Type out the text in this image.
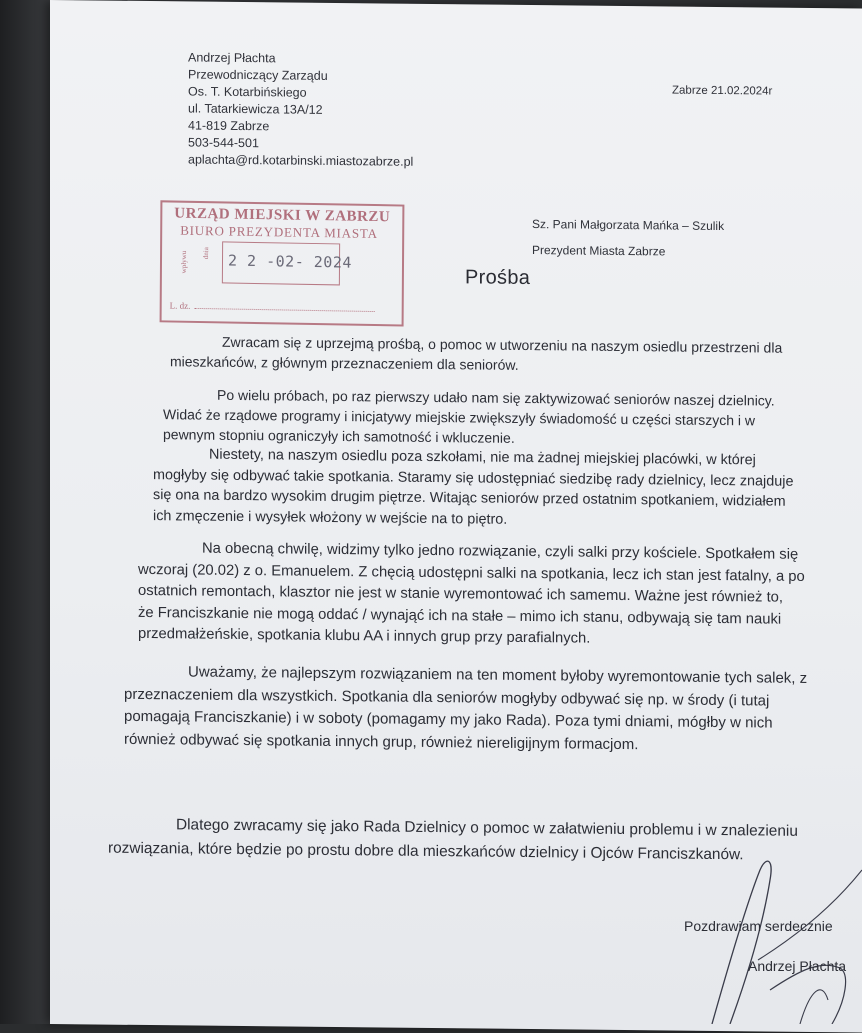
Andrzej Płachta
Przewodniczący Zarządu
Os. T. Kotarbińskiego
ul. Tatarkiewicza 13A/12
41-819 Zabrze
503-544-501
aplachta@rd.kotarbinski.miastozabrze.pl
Zabrze 21.02.2024r
URZĄD MIEJSKI W ZABRZU
BIURO PREZYDENTA MIASTA
wpływu dnia 2 2 -02- 2024
L. dz.
Sz. Pani Małgorzata Mańka – Szulik
Prezydent Miasta Zabrze
Prośba

Zwracam się z uprzejmą prośbą, o pomoc w utworzeniu na naszym osiedlu przestrzeni dla

mieszkańców, z głównym przeznaczeniem dla seniorów.

Po wielu próbach, po raz pierwszy udało nam się zaktywizować seniorów naszej dzielnicy.

Widać że rządowe programy i inicjatywy miejskie zwiększyły świadomość u części starszych i w

pewnym stopniu ograniczyły ich samotność i wkluczenie.

Niestety, na naszym osiedlu poza szkołami, nie ma żadnej miejskiej placówki, w której

mogłyby się odbywać takie spotkania. Staramy się udostępniać siedzibę rady dzielnicy, lecz znajduje

się ona na bardzo wysokim drugim piętrze. Witając seniorów przed ostatnim spotkaniem, widziałem

ich zmęczenie i wysyłek włożony w wejście na to piętro.

Na obecną chwilę, widzimy tylko jedno rozwiązanie, czyli salki przy kościele. Spotkałem się

wczoraj (20.02) z o. Emanuelem. Z chęcią udostępni salki na spotkania, lecz ich stan jest fatalny, a po

ostatnich remontach, klasztor nie jest w stanie wyremontować ich samemu. Ważne jest również to,

że Franciszkanie nie mogą oddać / wynająć ich na stałe – mimo ich stanu, odbywają się tam nauki

przedmałżeńskie, spotkania klubu AA i innych grup przy parafialnych.

Uważamy, że najlepszym rozwiązaniem na ten moment byłoby wyremontowanie tych salek, z

przeznaczeniem dla wszystkich. Spotkania dla seniorów mogłyby odbywać się np. w środy (i tutaj

pomagają Franciszkanie) i w soboty (pomagamy my jako Rada). Poza tymi dniami, mógłby w nich

również odbywać się spotkania innych grup, również niereligijnym formacjom.

Dlatego zwracamy się jako Rada Dzielnicy o pomoc w załatwieniu problemu i w znalezieniu

rozwiązania, które będzie po prostu dobre dla mieszkańców dzielnicy i Ojców Franciszkanów.

Pozdrawiam serdecznie
Andrzej Płachta
